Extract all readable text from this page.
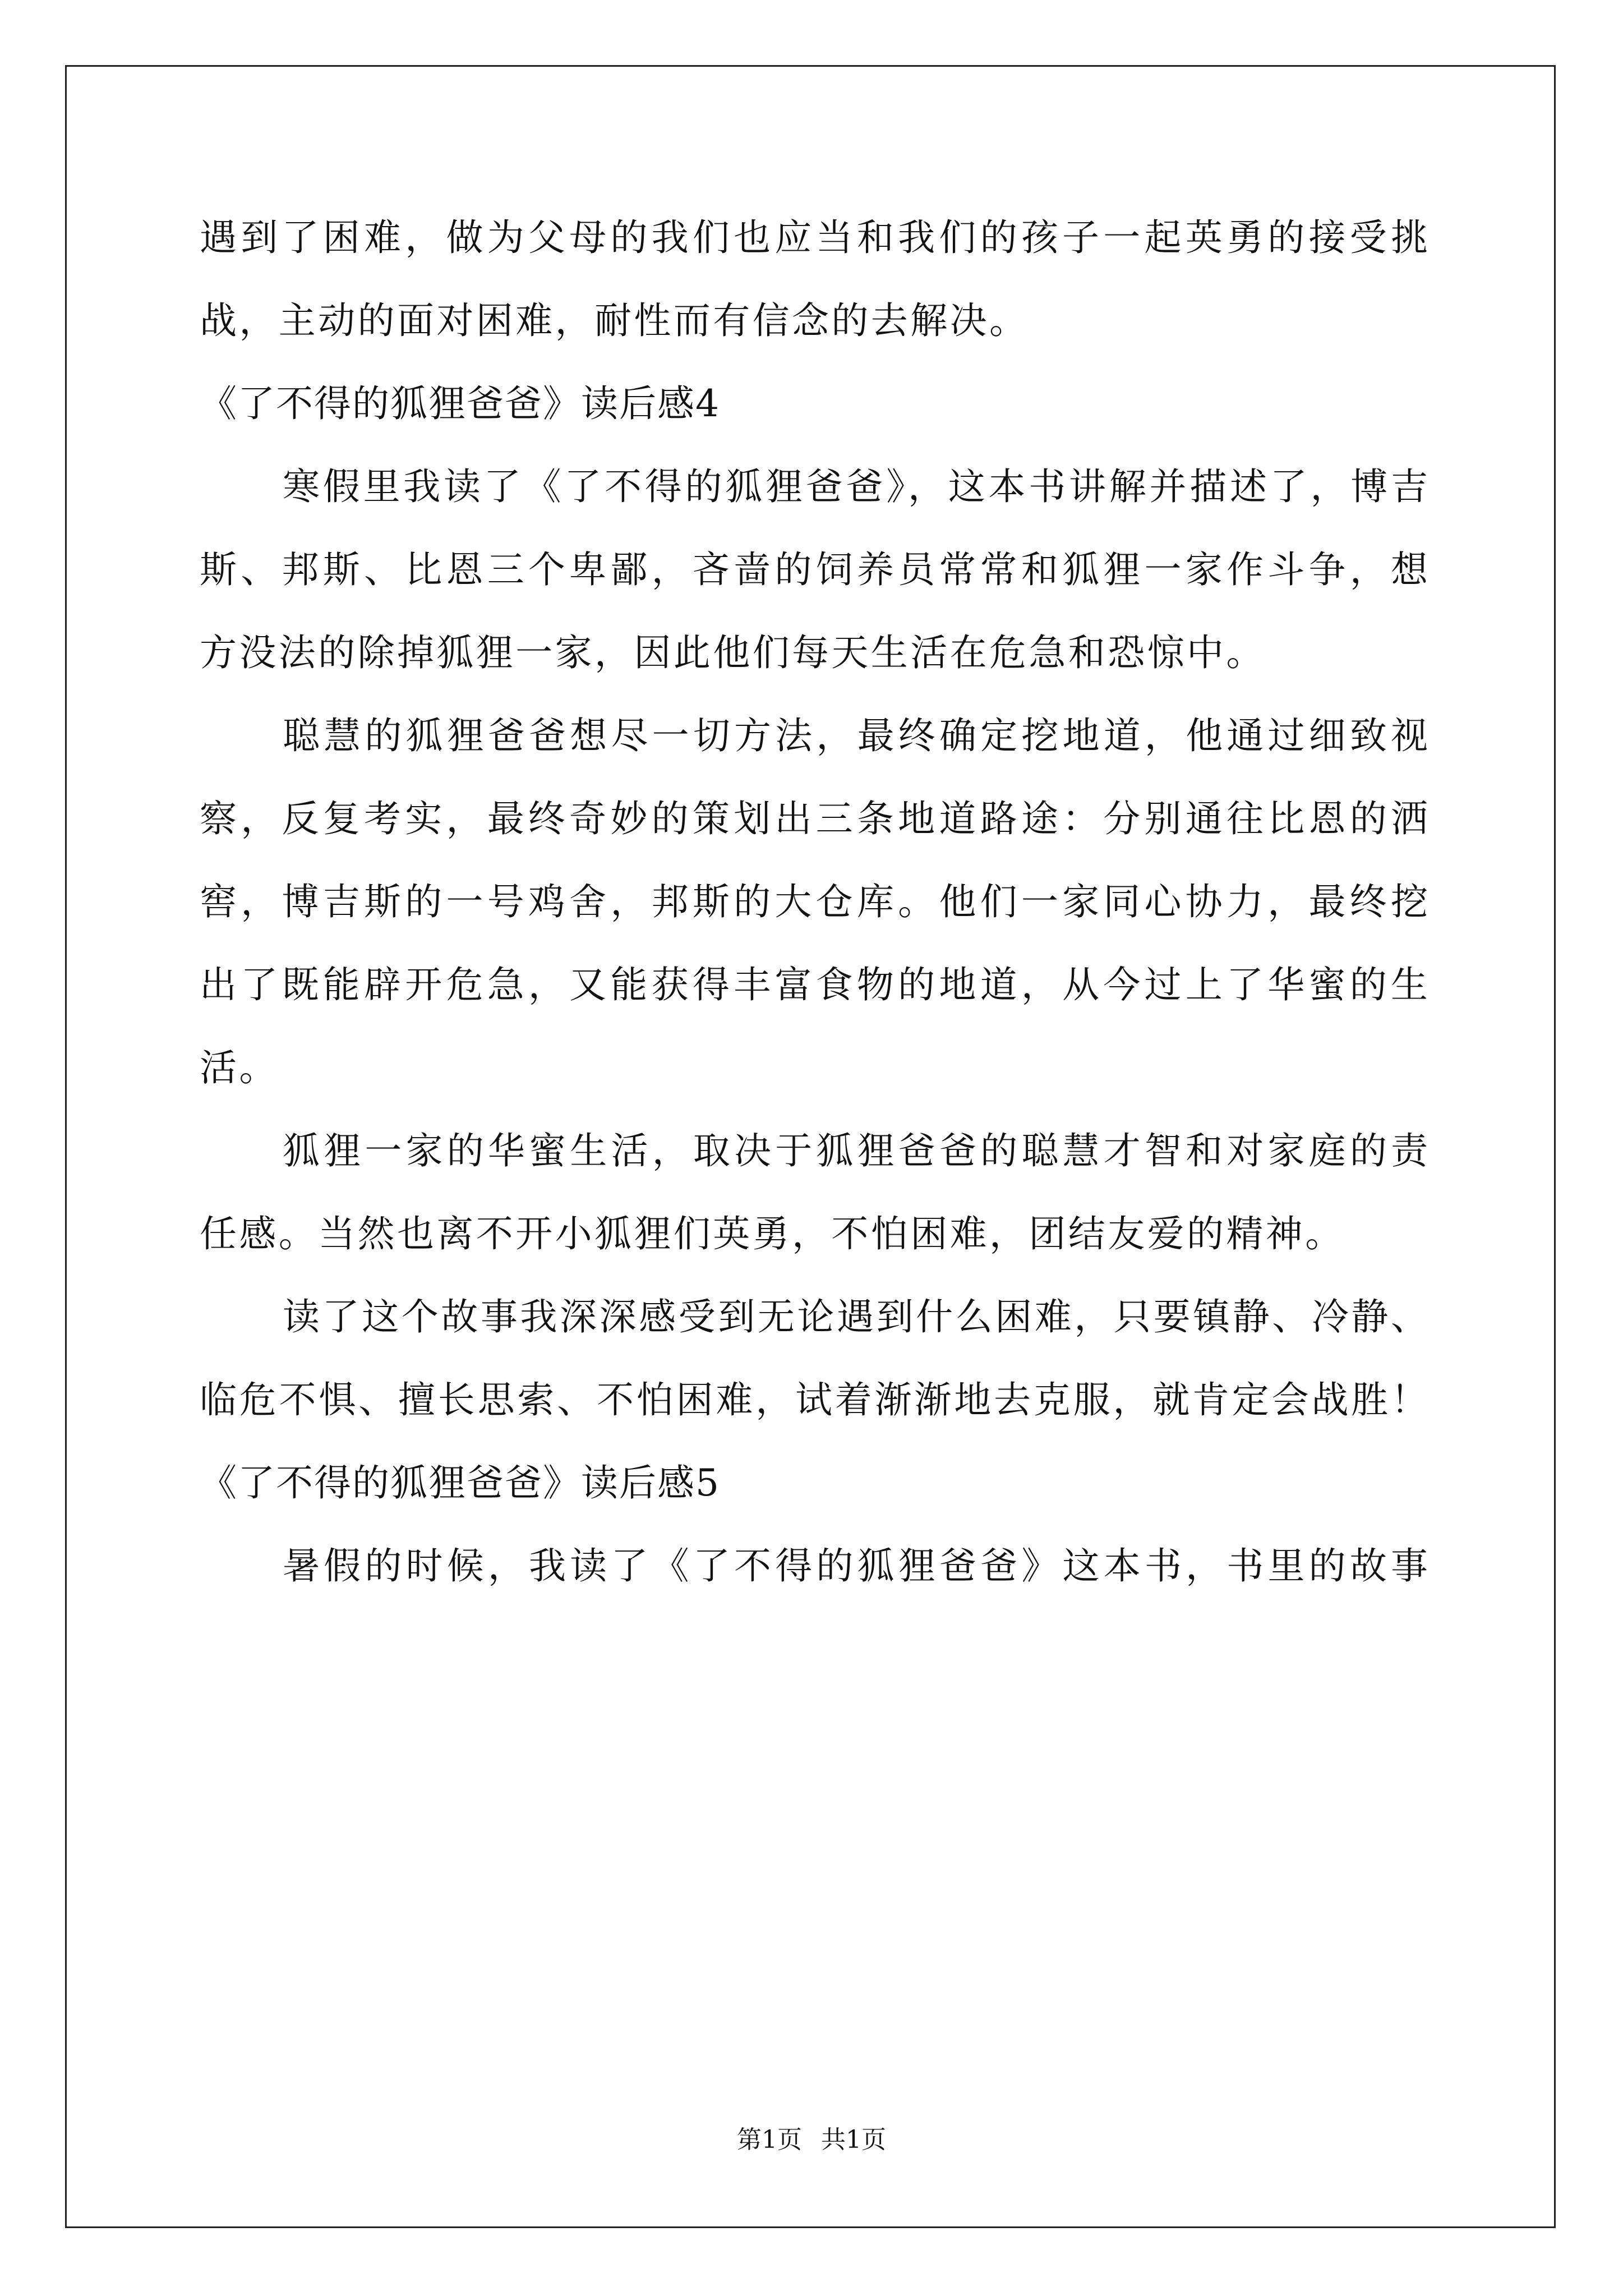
遇到了困难，做为父母的我们也应当和我们的孩子一起英勇的接受挑
战，主动的面对困难，耐性而有信念的去解决。
《了不得的狐狸爸爸》读后感4
寒假里我读了《了不得的狐狸爸爸》，这本书讲解并描述了，博吉
斯、邦斯、比恩三个卑鄙，吝啬的饲养员常常和狐狸一家作斗争，想
方没法的除掉狐狸一家，因此他们每天生活在危急和恐惊中。
聪慧的狐狸爸爸想尽一切方法，最终确定挖地道，他通过细致视
察，反复考实，最终奇妙的策划出三条地道路途：分别通往比恩的洒
窖，博吉斯的一号鸡舍，邦斯的大仓库。他们一家同心协力，最终挖
出了既能辟开危急，又能获得丰富食物的地道，从今过上了华蜜的生
活。
狐狸一家的华蜜生活，取决于狐狸爸爸的聪慧才智和对家庭的责
任感。当然也离不开小狐狸们英勇，不怕困难，团结友爱的精神。
读了这个故事我深深感受到无论遇到什么困难，只要镇静、冷静、
临危不惧、擅长思索、不怕困难，试着渐渐地去克服，就肯定会战胜！
《了不得的狐狸爸爸》读后感5
暑假的时候，我读了《了不得的狐狸爸爸》这本书，书里的故事
第1页 共1页
